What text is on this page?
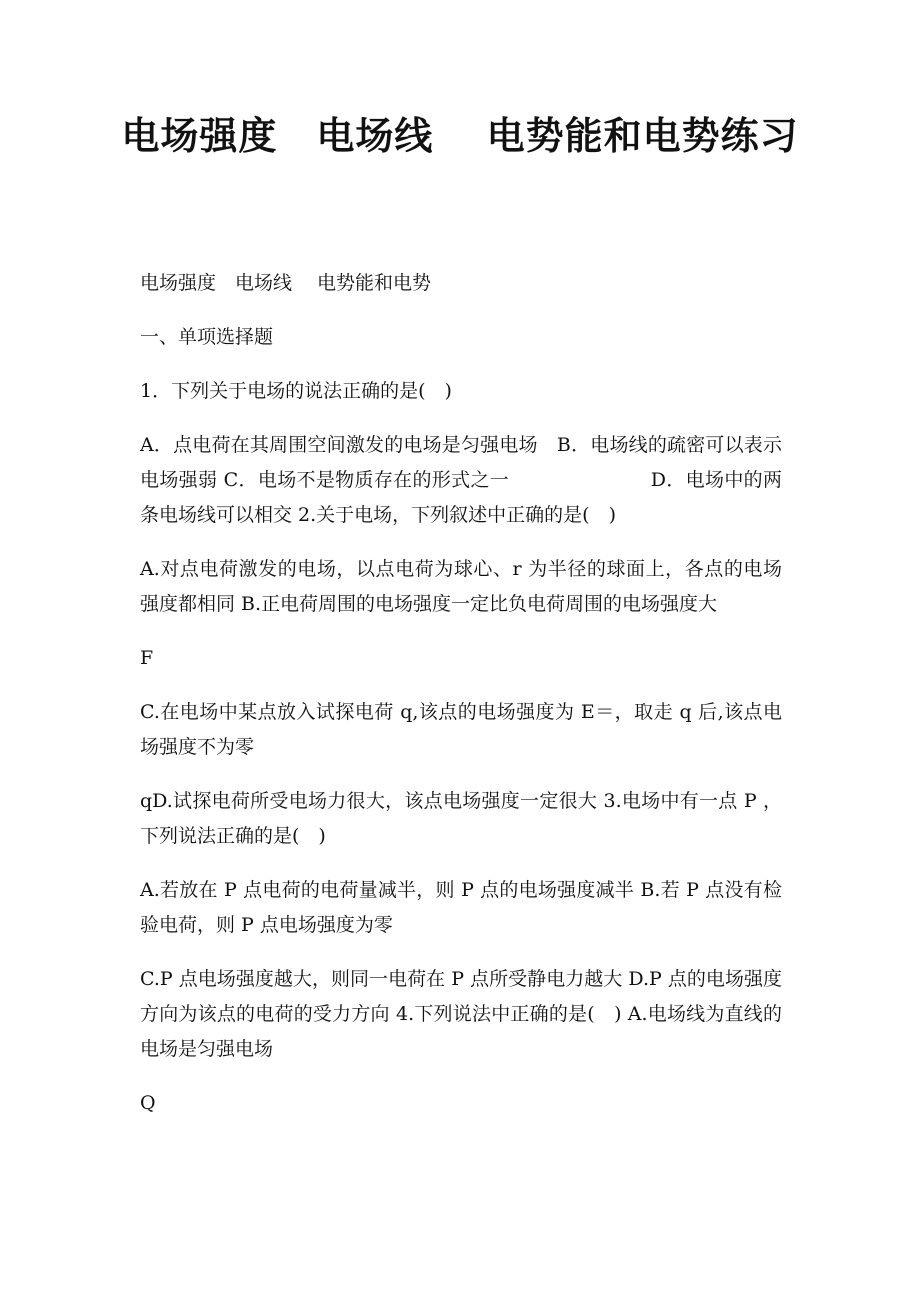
电场强度　电场线　 电势能和电势练习

电场强度　电场线　 电势能和电势

一、单项选择题

1．下列关于电场的说法正确的是(　)

A．点电荷在其周围空间激发的电场是匀强电场　B．电场线的疏密可以表示电场强弱 C．电场不是物质存在的形式之一　　　　　　　 D．电场中的两条电场线可以相交 2.关于电场，下列叙述中正确的是(　)

A.对点电荷激发的电场，以点电荷为球心、r 为半径的球面上，各点的电场强度都相同 B.正电荷周围的电场强度一定比负电荷周围的电场强度大

F

C.在电场中某点放入试探电荷 q,该点的电场强度为 E＝，取走 q 后,该点电场强度不为零

qD.试探电荷所受电场力很大，该点电场强度一定很大 3.电场中有一点 P ，下列说法正确的是(　)

A.若放在 P 点电荷的电荷量减半，则 P 点的电场强度减半 B.若 P 点没有检验电荷，则 P 点电场强度为零

C.P 点电场强度越大，则同一电荷在 P 点所受静电力越大 D.P 点的电场强度方向为该点的电荷的受力方向 4.下列说法中正确的是(　) A.电场线为直线的电场是匀强电场

Q
